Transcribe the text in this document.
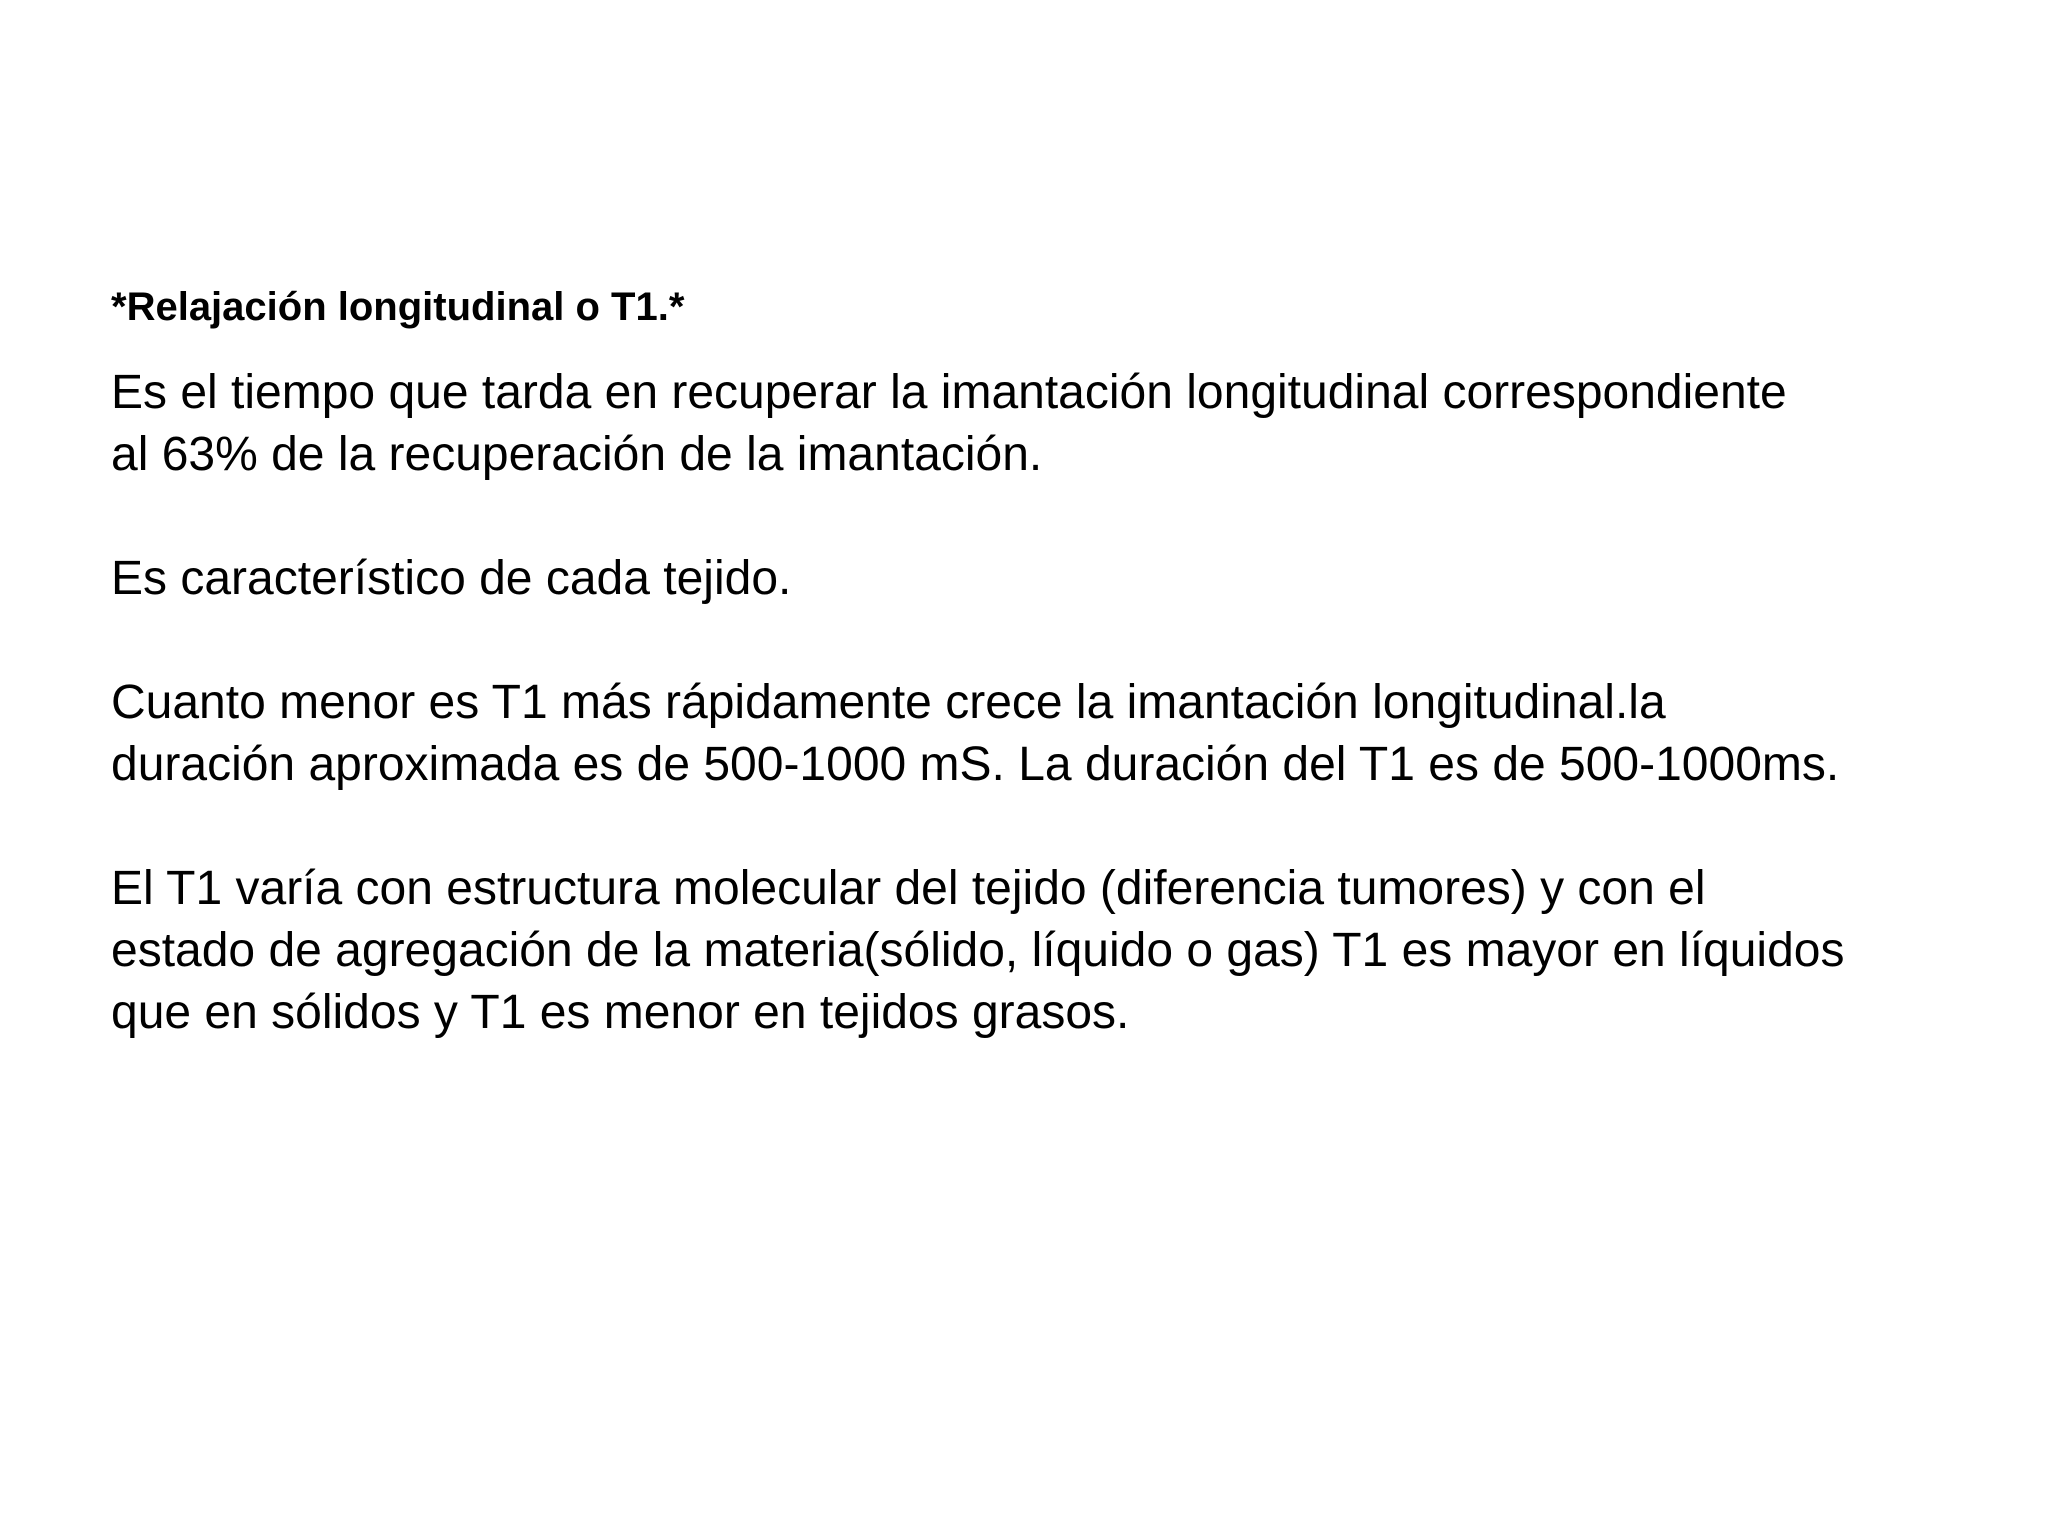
*Relajación longitudinal o T1.*
Es el tiempo que tarda en recuperar la imantación longitudinal correspondiente
al 63% de la recuperación de la imantación.
Es característico de cada tejido.
Cuanto menor es T1 más rápidamente crece la imantación longitudinal.la
duración aproximada es de 500-1000 mS. La duración del T1 es de 500-1000ms.
El T1 varía con estructura molecular del tejido (diferencia tumores) y con el
estado de agregación de la materia(sólido, líquido o gas) T1 es mayor en líquidos
que en sólidos y T1 es menor en tejidos grasos.
